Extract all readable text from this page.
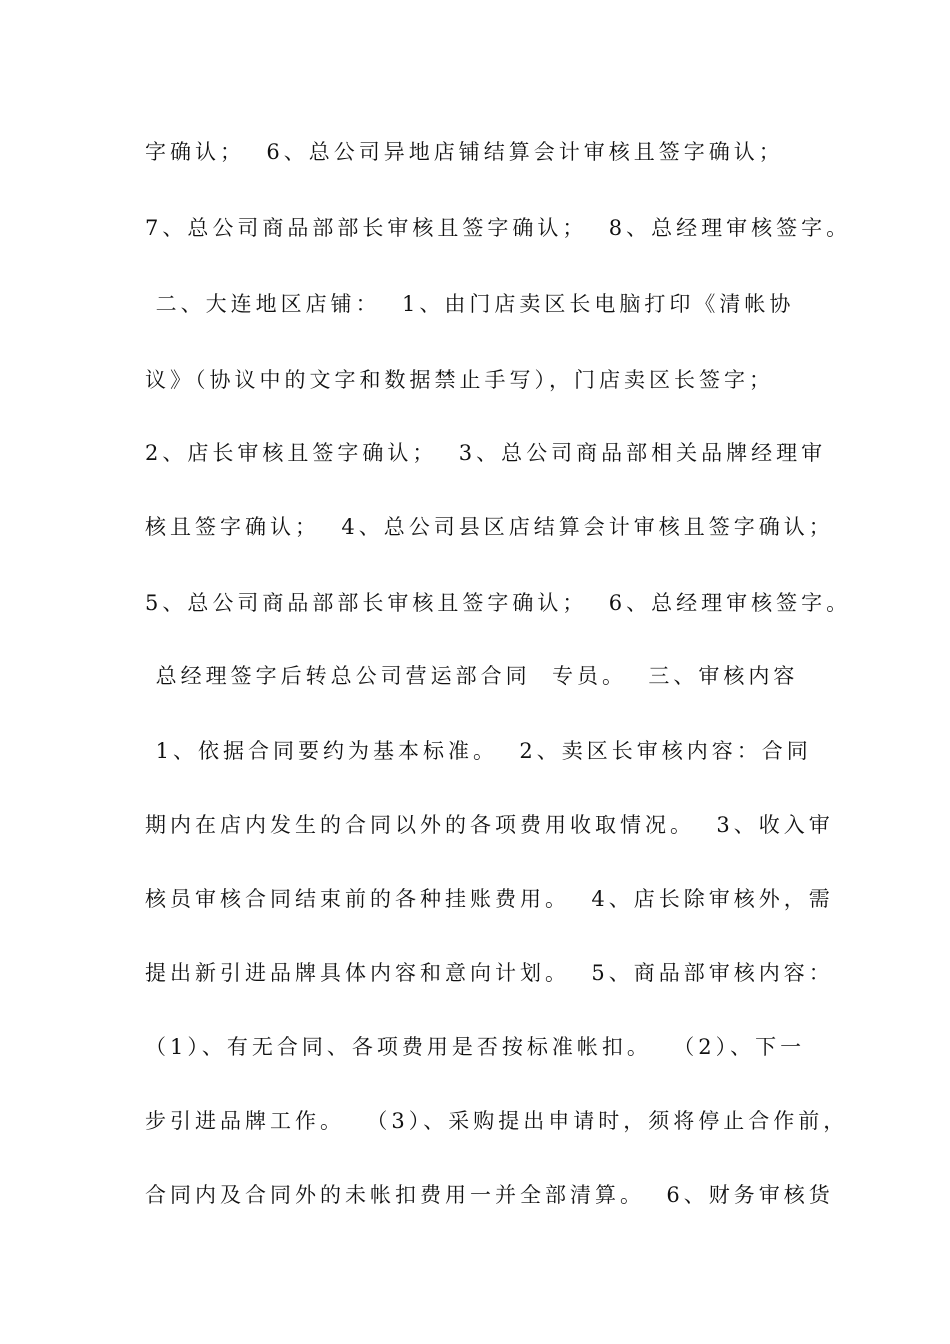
字确认；  6、总公司异地店铺结算会计审核且签字确认；
7、总公司商品部部长审核且签字确认；  8、总经理审核签字。
二、大连地区店铺：  1、由门店卖区长电脑打印《清帐协
议》（协议中的文字和数据禁止手写），门店卖区长签字；
2、店长审核且签字确认；  3、总公司商品部相关品牌经理审
核且签字确认；  4、总公司县区店结算会计审核且签字确认；
5、总公司商品部部长审核且签字确认；  6、总经理审核签字。
总经理签字后转总公司营运部合同  专员。  三、审核内容
1、依据合同要约为基本标准。  2、卖区长审核内容：合同
期内在店内发生的合同以外的各项费用收取情况。  3、收入审
核员审核合同结束前的各种挂账费用。  4、店长除审核外，需
提出新引进品牌具体内容和意向计划。  5、商品部审核内容：
（1）、有无合同、各项费用是否按标准帐扣。  （2）、下一
步引进品牌工作。  （3）、采购提出申请时，须将停止合作前，
合同内及合同外的未帐扣费用一并全部清算。  6、财务审核货
